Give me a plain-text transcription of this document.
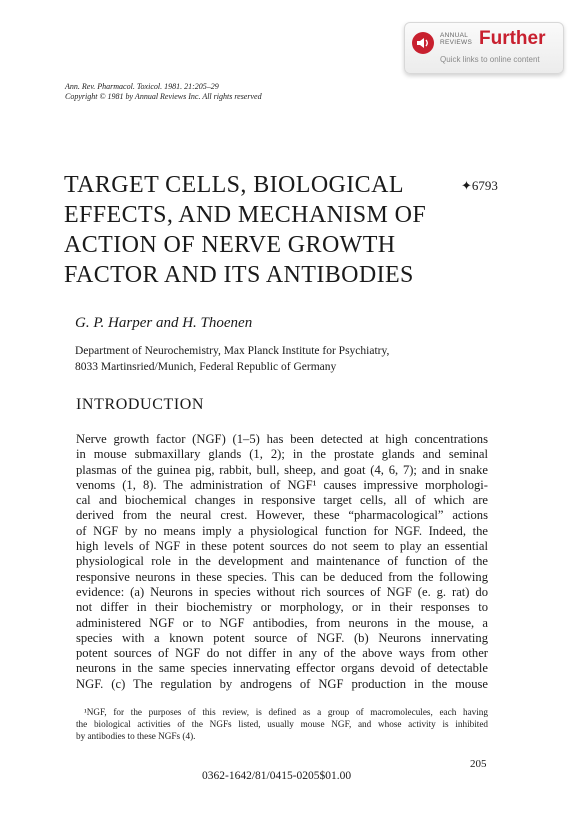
ANNUAL
REVIEWS Further
Quick links to online content
Ann. Rev. Pharmacol. Toxicol. 1981. 21:205–29
Copyright © 1981 by Annual Reviews Inc. All rights reserved
TARGET CELLS, BIOLOGICAL
EFFECTS, AND MECHANISM OF
ACTION OF NERVE GROWTH
FACTOR AND ITS ANTIBODIES
✦6793
G. P. Harper and H. Thoenen
Department of Neurochemistry, Max Planck Institute for Psychiatry,
8033 Martinsried/Munich, Federal Republic of Germany
INTRODUCTION
Nerve growth factor (NGF) (1–5) has been detected at high concentrations
in mouse submaxillary glands (1, 2); in the prostate glands and seminal
plasmas of the guinea pig, rabbit, bull, sheep, and goat (4, 6, 7); and in snake
venoms (1, 8). The administration of NGF¹ causes impressive morphologi-
cal and biochemical changes in responsive target cells, all of which are
derived from the neural crest. However, these “pharmacological” actions
of NGF by no means imply a physiological function for NGF. Indeed, the
high levels of NGF in these potent sources do not seem to play an essential
physiological role in the development and maintenance of function of the
responsive neurons in these species. This can be deduced from the following
evidence: (a) Neurons in species without rich sources of NGF (e. g. rat) do
not differ in their biochemistry or morphology, or in their responses to
administered NGF or to NGF antibodies, from neurons in the mouse, a
species with a known potent source of NGF. (b) Neurons innervating
potent sources of NGF do not differ in any of the above ways from other
neurons in the same species innervating effector organs devoid of detectable
NGF. (c) The regulation by androgens of NGF production in the mouse
¹NGF, for the purposes of this review, is defined as a group of macromolecules, each having
the biological activities of the NGFs listed, usually mouse NGF, and whose activity is inhibited
by antibodies to these NGFs (4).
205
0362-1642/81/0415-0205$01.00
